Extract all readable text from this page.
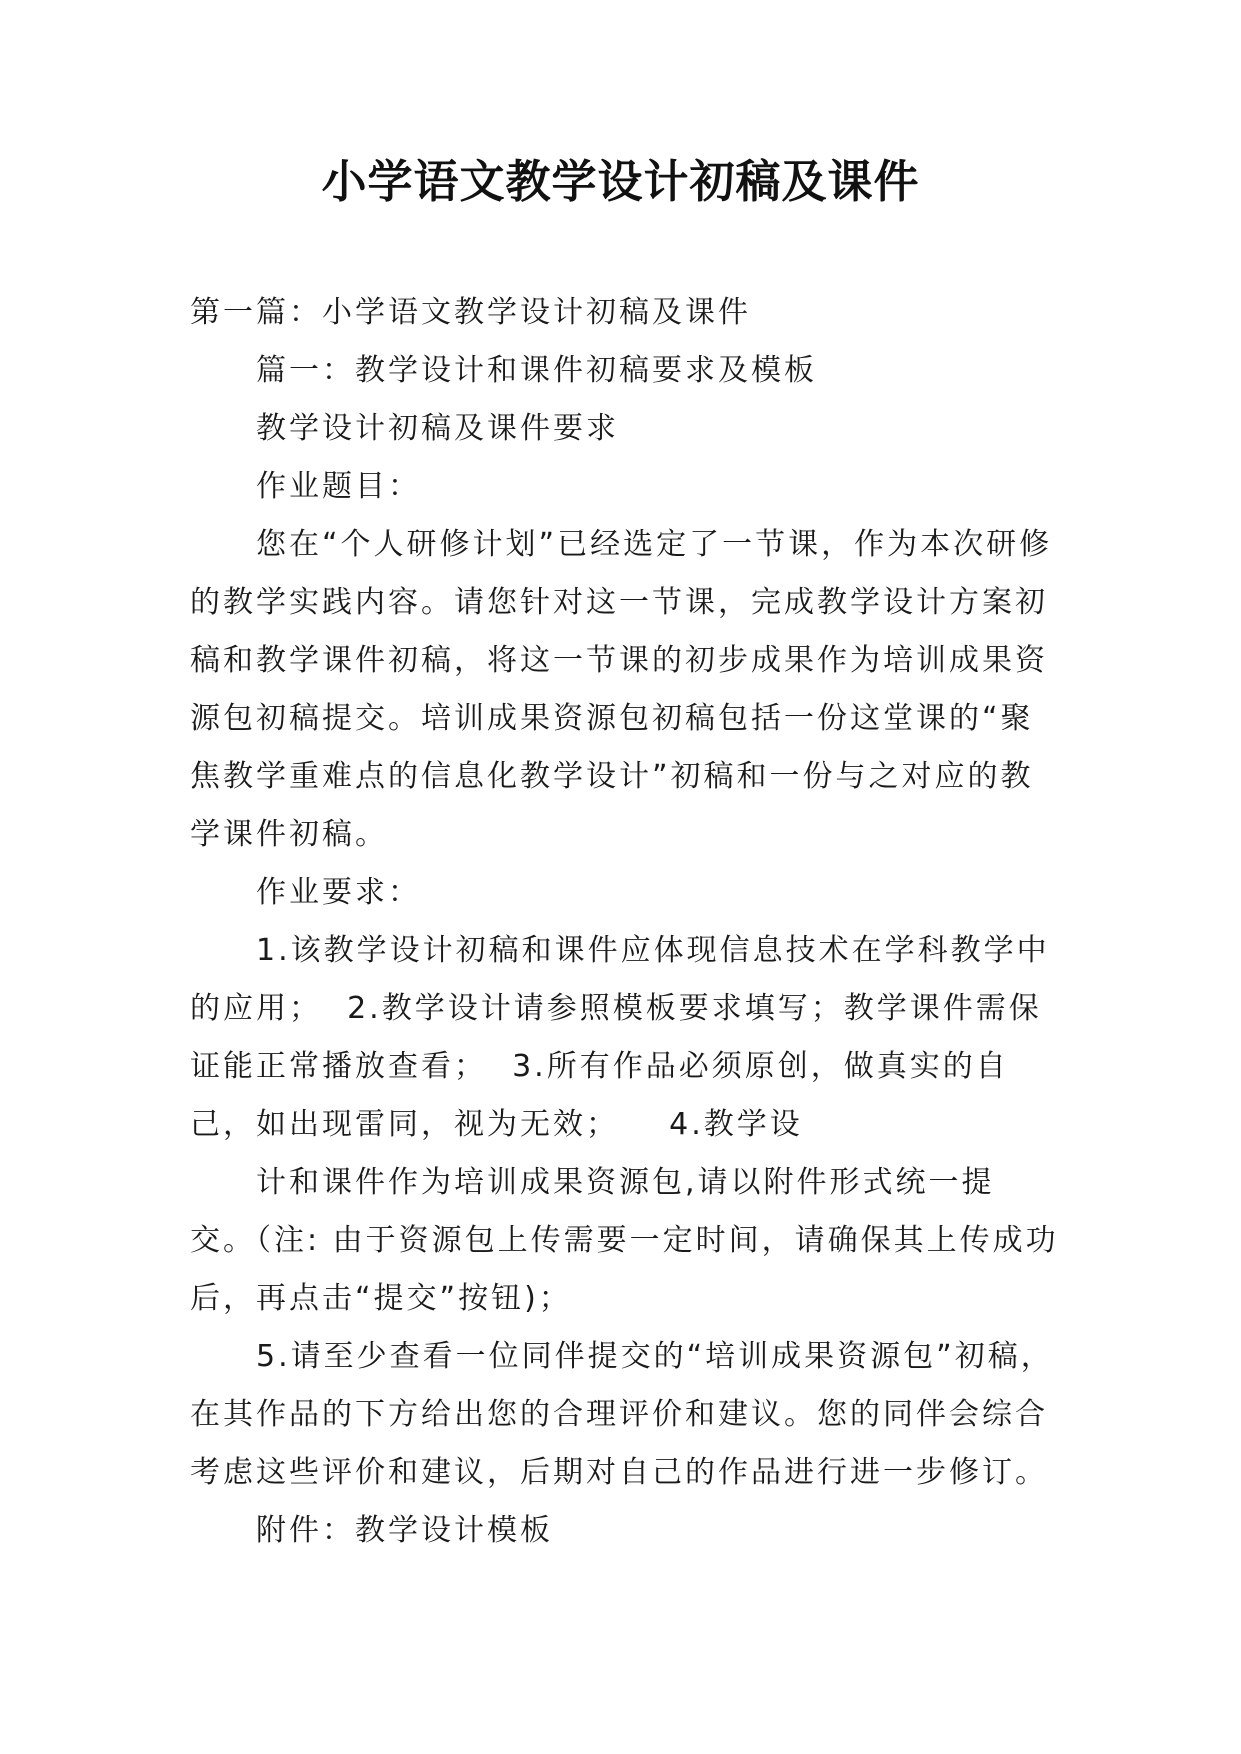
小学语文教学设计初稿及课件

第一篇：小学语文教学设计初稿及课件

篇一：教学设计和课件初稿要求及模板

教学设计初稿及课件要求

作业题目：

您在“个人研修计划”已经选定了一节课，作为本次研修的教学实践内容。请您针对这一节课，完成教学设计方案初稿和教学课件初稿，将这一节课的初步成果作为培训成果资源包初稿提交。培训成果资源包初稿包括一份这堂课的“聚焦教学重难点的信息化教学设计”初稿和一份与之对应的教学课件初稿。

作业要求：

1.该教学设计初稿和课件应体现信息技术在学科教学中的应用；  2.教学设计请参照模板要求填写；教学课件需保证能正常播放查看；  3.所有作品必须原创，做真实的自己，如出现雷同，视为无效；    4.教学设

计和课件作为培训成果资源包,请以附件形式统一提交。（注: 由于资源包上传需要一定时间，请确保其上传成功后，再点击“提交”按钮)；

5.请至少查看一位同伴提交的“培训成果资源包”初稿，在其作品的下方给出您的合理评价和建议。您的同伴会综合考虑这些评价和建议，后期对自己的作品进行进一步修订。

附件：教学设计模板
